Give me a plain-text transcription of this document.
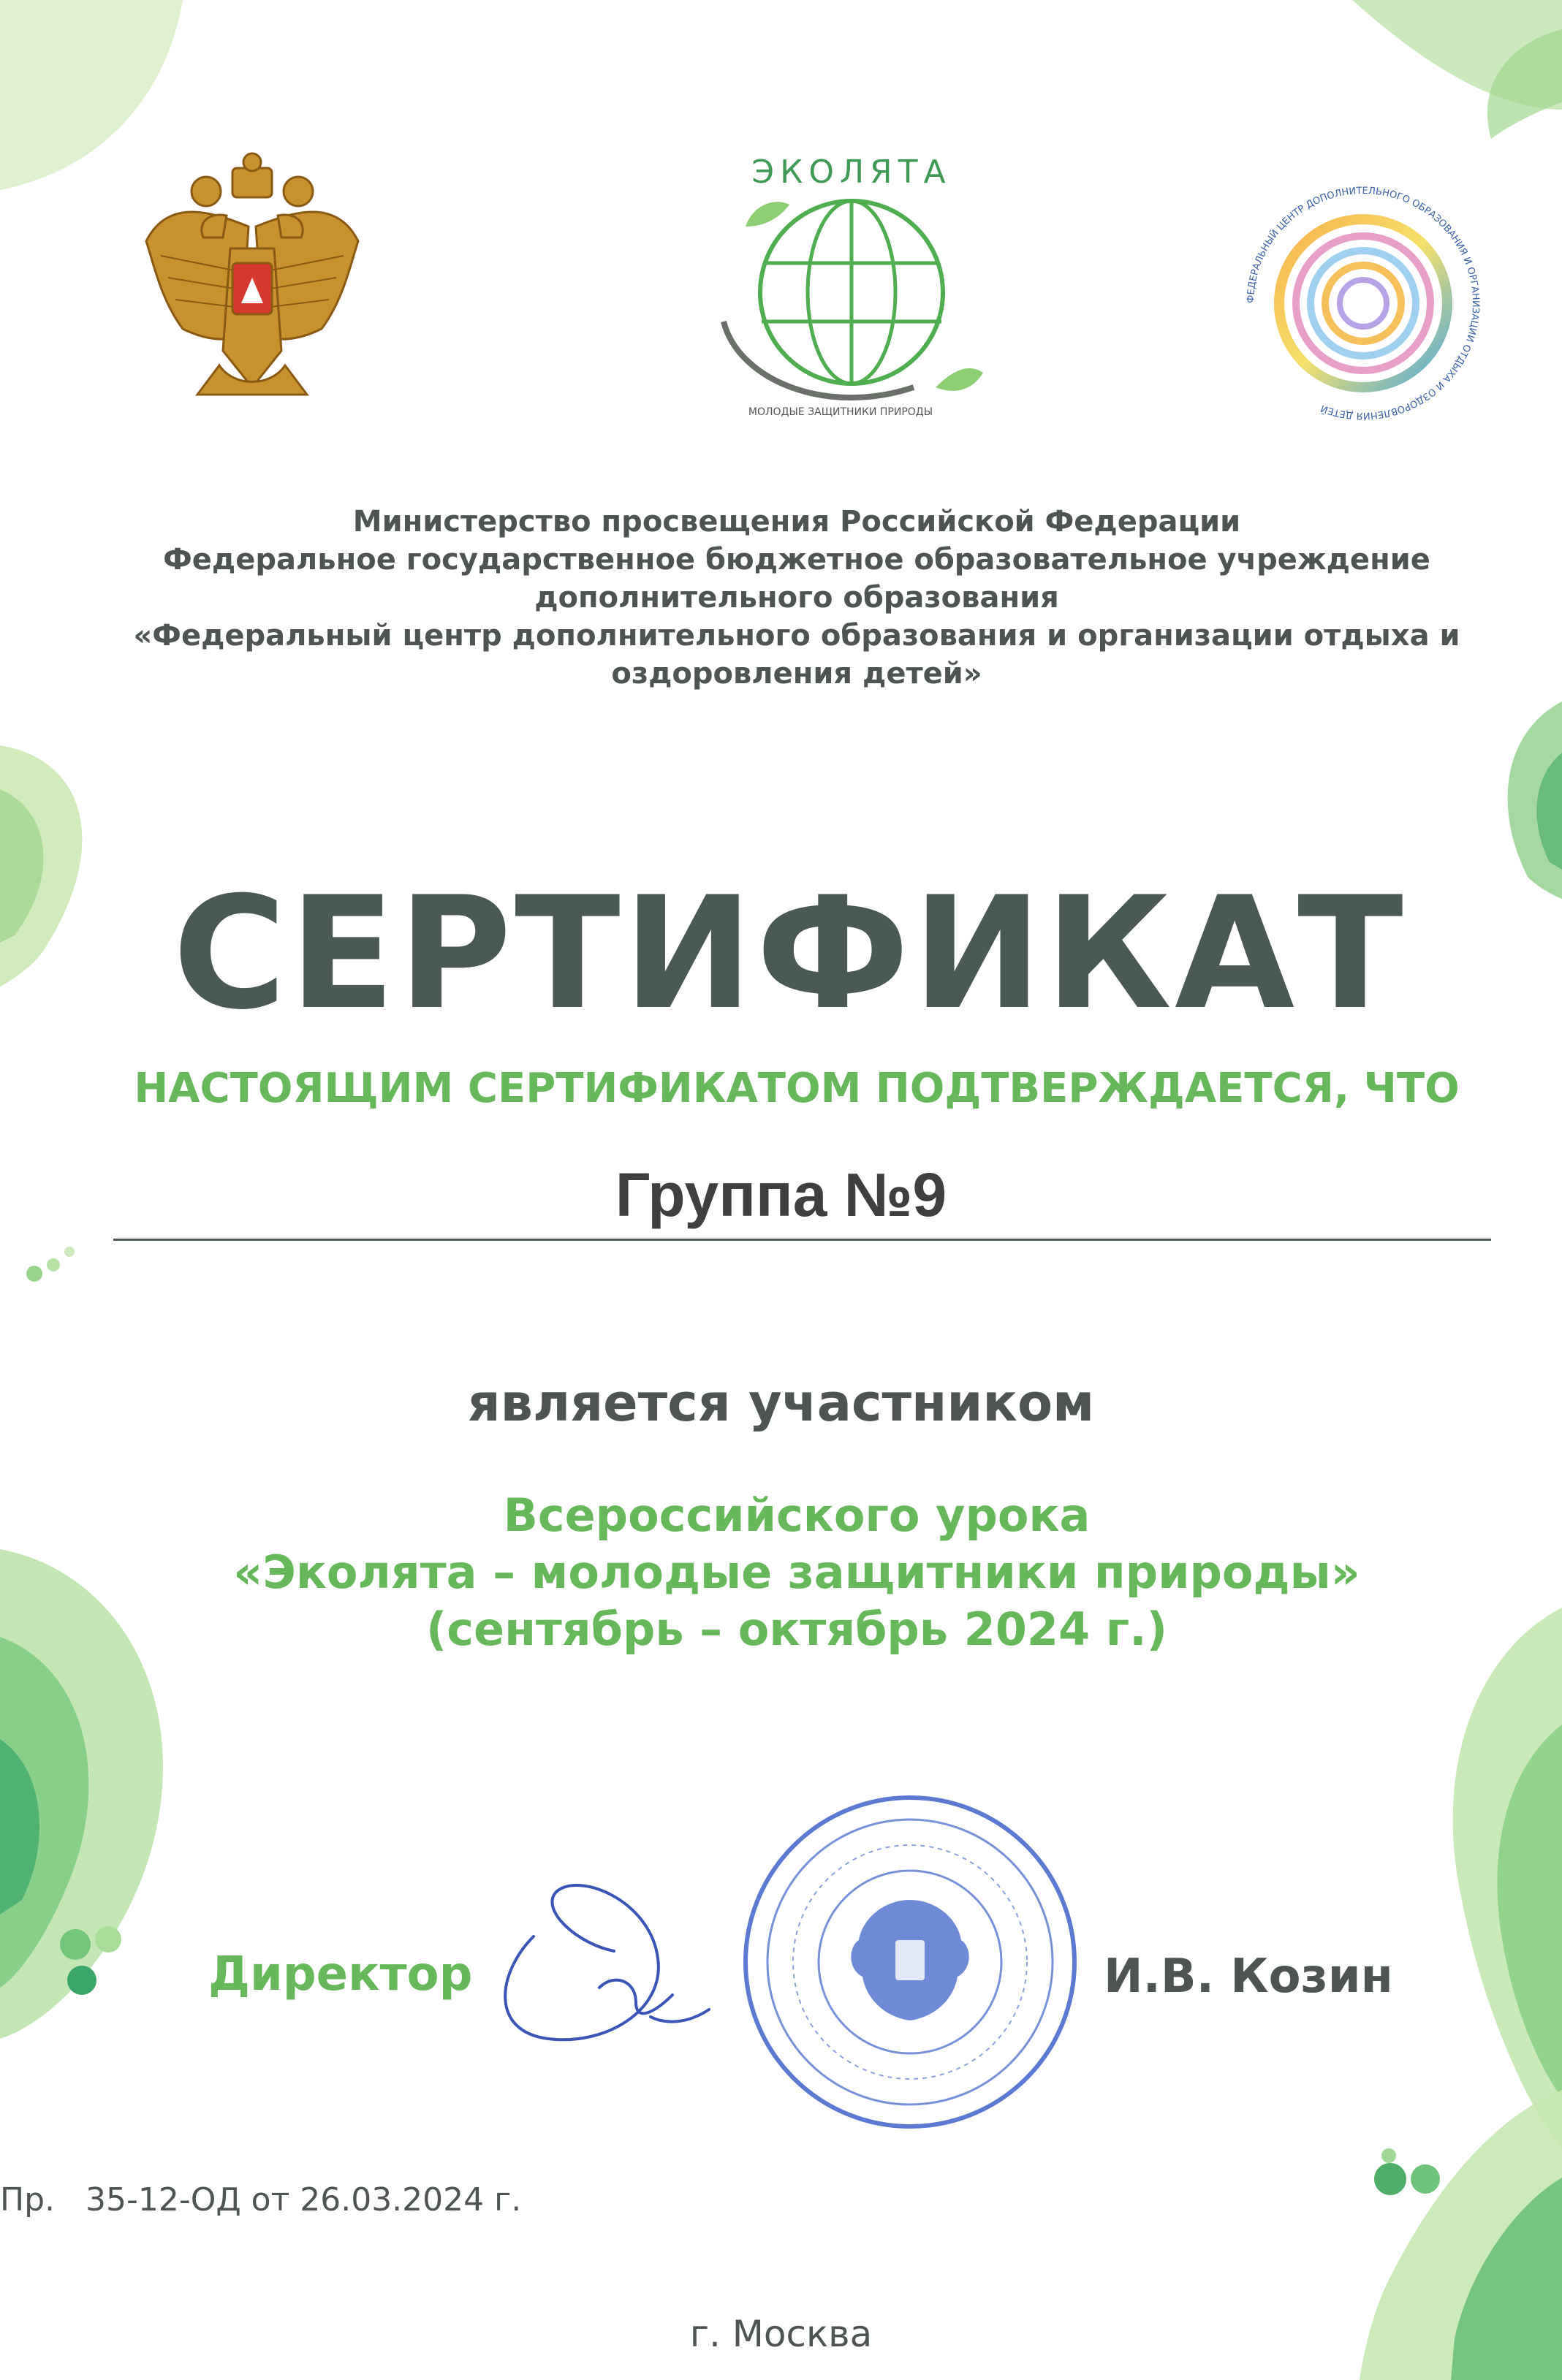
ЭКОЛЯТА
МОЛОДЫЕ ЗАЩИТНИКИ ПРИРОДЫ
ФЕДЕРАЛЬНЫЙ ЦЕНТР ДОПОЛНИТЕЛЬНОГО ОБРАЗОВАНИЯ И ОРГАНИЗАЦИИ ОТДЫХА И ОЗДОРОВЛЕНИЯ ДЕТЕЙ
Министерство просвещения Российской Федерации
Федеральное государственное бюджетное образовательное учреждение
дополнительного образования
«Федеральный центр дополнительного образования и организации отдыха и
оздоровления детей»
СЕРТИФИКАТ
НАСТОЯЩИМ СЕРТИФИКАТОМ ПОДТВЕРЖДАЕТСЯ, ЧТО
Группа №9
является участником
Всероссийского урока
«Эколята – молодые защитники природы»
(сентябрь – октябрь 2024 г.)
Директор	И.В. Козин
Пр.   35-12-ОД от 26.03.2024 г.
г. Москва
